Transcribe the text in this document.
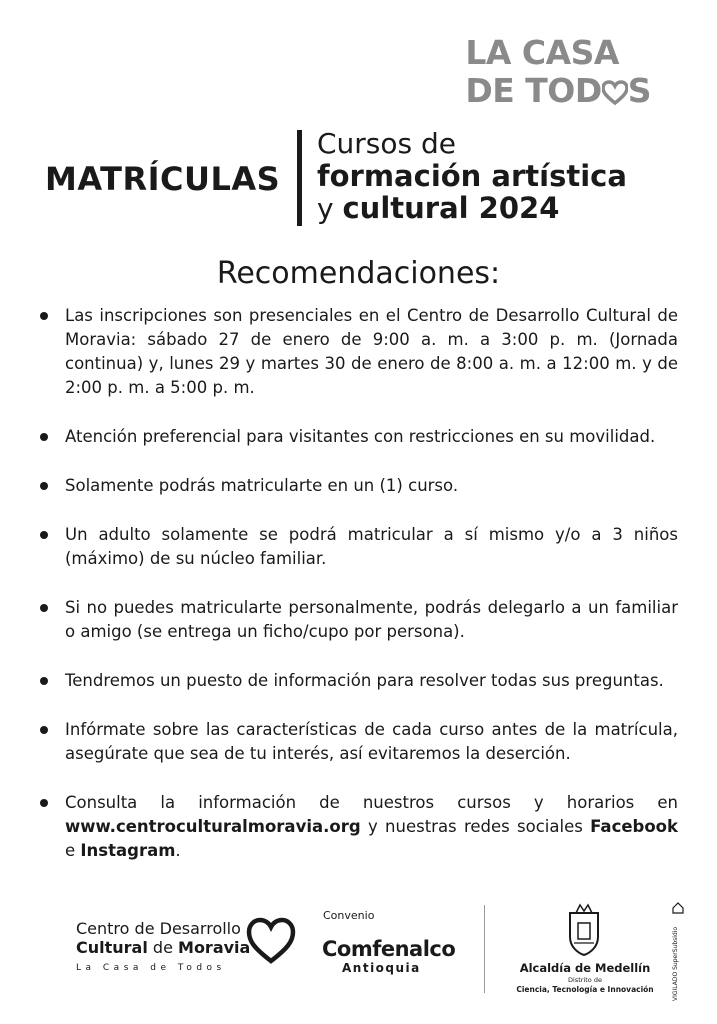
LA CASA
DE TOD S
MATRÍCULAS
Cursos de
formación artística
y cultural 2024
Recomendaciones:
Las inscripciones son presenciales en el Centro de Desarrollo Cultural de Moravia: sábado 27 de enero de 9:00 a. m. a 3:00 p. m. (Jornada continua) y, lunes 29 y martes 30 de enero de 8:00 a. m. a 12:00 m. y de 2:00 p. m. a 5:00 p. m.
Atención preferencial para visitantes con restricciones en su movilidad.
Solamente podrás matricularte en un (1) curso.
Un adulto solamente se podrá matricular a sí mismo y/o a 3 niños (máximo) de su núcleo familiar.
Si no puedes matricularte personalmente, podrás delegarlo a un familiar o amigo (se entrega un ficho/cupo por persona).
Tendremos un puesto de información para resolver todas sus preguntas.
Infórmate sobre las características de cada curso antes de la matrícula, asegúrate que sea de tu interés, así evitaremos la deserción.
Consulta la información de nuestros cursos y horarios en www.centroculturalmoravia.org y nuestras redes sociales Facebook e Instagram.
Centro de Desarrollo
Cultural de Moravia
La Casa de Todos
Convenio
Comfenalco
Antioquia	Alcaldía de Medellín
Distrito de
Ciencia, Tecnología e Innovación	VIGILADO SuperSubsidio
